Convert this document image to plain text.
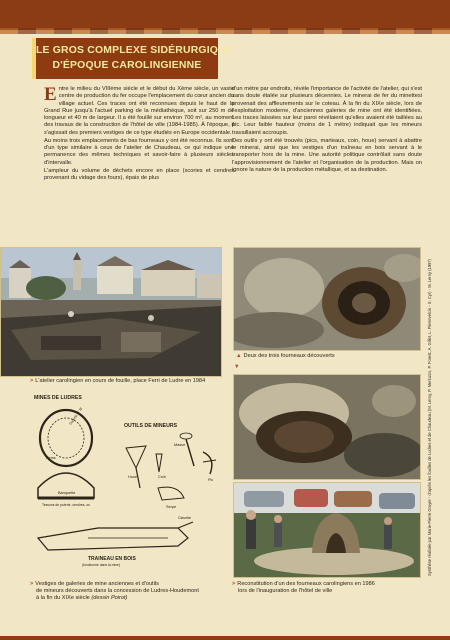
LE GROS COMPLEXE SIDÉRURGIQUE
D'ÉPOQUE CAROLINGIENNE

Entre le milieu du VIIIème siècle et le début du Xème siècle, un vaste centre de production du fer occupe l'emplacement du cœur ancien du village actuel. Ces traces ont été reconnues depuis le haut de la Grand Rue jusqu'à l'actuel parking de la médiathèque, soit sur 250 m de longueur et 40 m de largeur. Il a été fouillé sur environ 700 m², au moment des travaux de la construction de l'hôtel de ville (1984-1985). À l'époque, il s'agissait des premiers vestiges de ce type étudiés en Europe occidentale.

Au moins trois emplacements de bas fourneaux y ont été reconnus. Ils sont d'un type similaire à ceux de l'atelier de Chaudeau, ce qui indique une permanence des mêmes techniques et savoir-faire à plusieurs siècles d'intervalle.

L'ampleur du volume de déchets encore en place (scories et cendres provenant du vidage des fours), épais de plus

d'un mètre par endroits, révèle l'importance de l'activité de l'atelier, qui s'est sans doute étalée sur plusieurs décennies. Le minerai de fer du minettesi provenait des affleurements sur le coteau. À la fin du XIXe siècle, lors de l'exploitation moderne, d'anciennes galeries de mine ont été identifiées. Les traces laissées sur leur paroi révélaient qu'elles avaient été taillées au pic. Leur faible hauteur (moins de 1 mètre) indiquait que les mineurs travaillaient accroupis.

Des outils y ont été trouvés (pics, marteaux, coin, houe) servant à abattre le minerai, ainsi que les vestiges d'un traîneau en bois servant à le transporter hors de la mine. Une autorité politique contrôlait sans doute l'approvisionnement de l'atelier et l'organisation de la production. Mais on ignore la nature de la production métallique, et sa destination.

MINES DE LUDRES
OUTILS DE MINEURS
Galerie n° III
Reins
Banquette
Tessons de poterie, cendres, os
Masse
Houe	Coin
Pic
Serpe
Clavette
TRAINEAU EN BOIS
(fonctionne dans la mine)
> L'atelier carolingien en cours de fouille, place Ferri de Ludre en 1984
▲ Deux des trois fourneaux découverts
▼
> Vestiges de galeries de mine anciennes et d'outils
de mineurs découverts dans la concession de Ludres-Houdemont
à la fin du XIXe siècle (dessin Poirot)
> Reconstitution d'un des fourneaux carolingiens en 1986
lors de l'inauguration de l'hôtel de ville
Synthèse réalisée par Marie-Pierre Gruyer - d'après les fouilles de Ludres et de Chaudeau (M. Leroy, P. Merluzzo, P. Forest, A. Gillet, L. Pierrevelcin - S. Cyr) - M. Leroy (1997)
